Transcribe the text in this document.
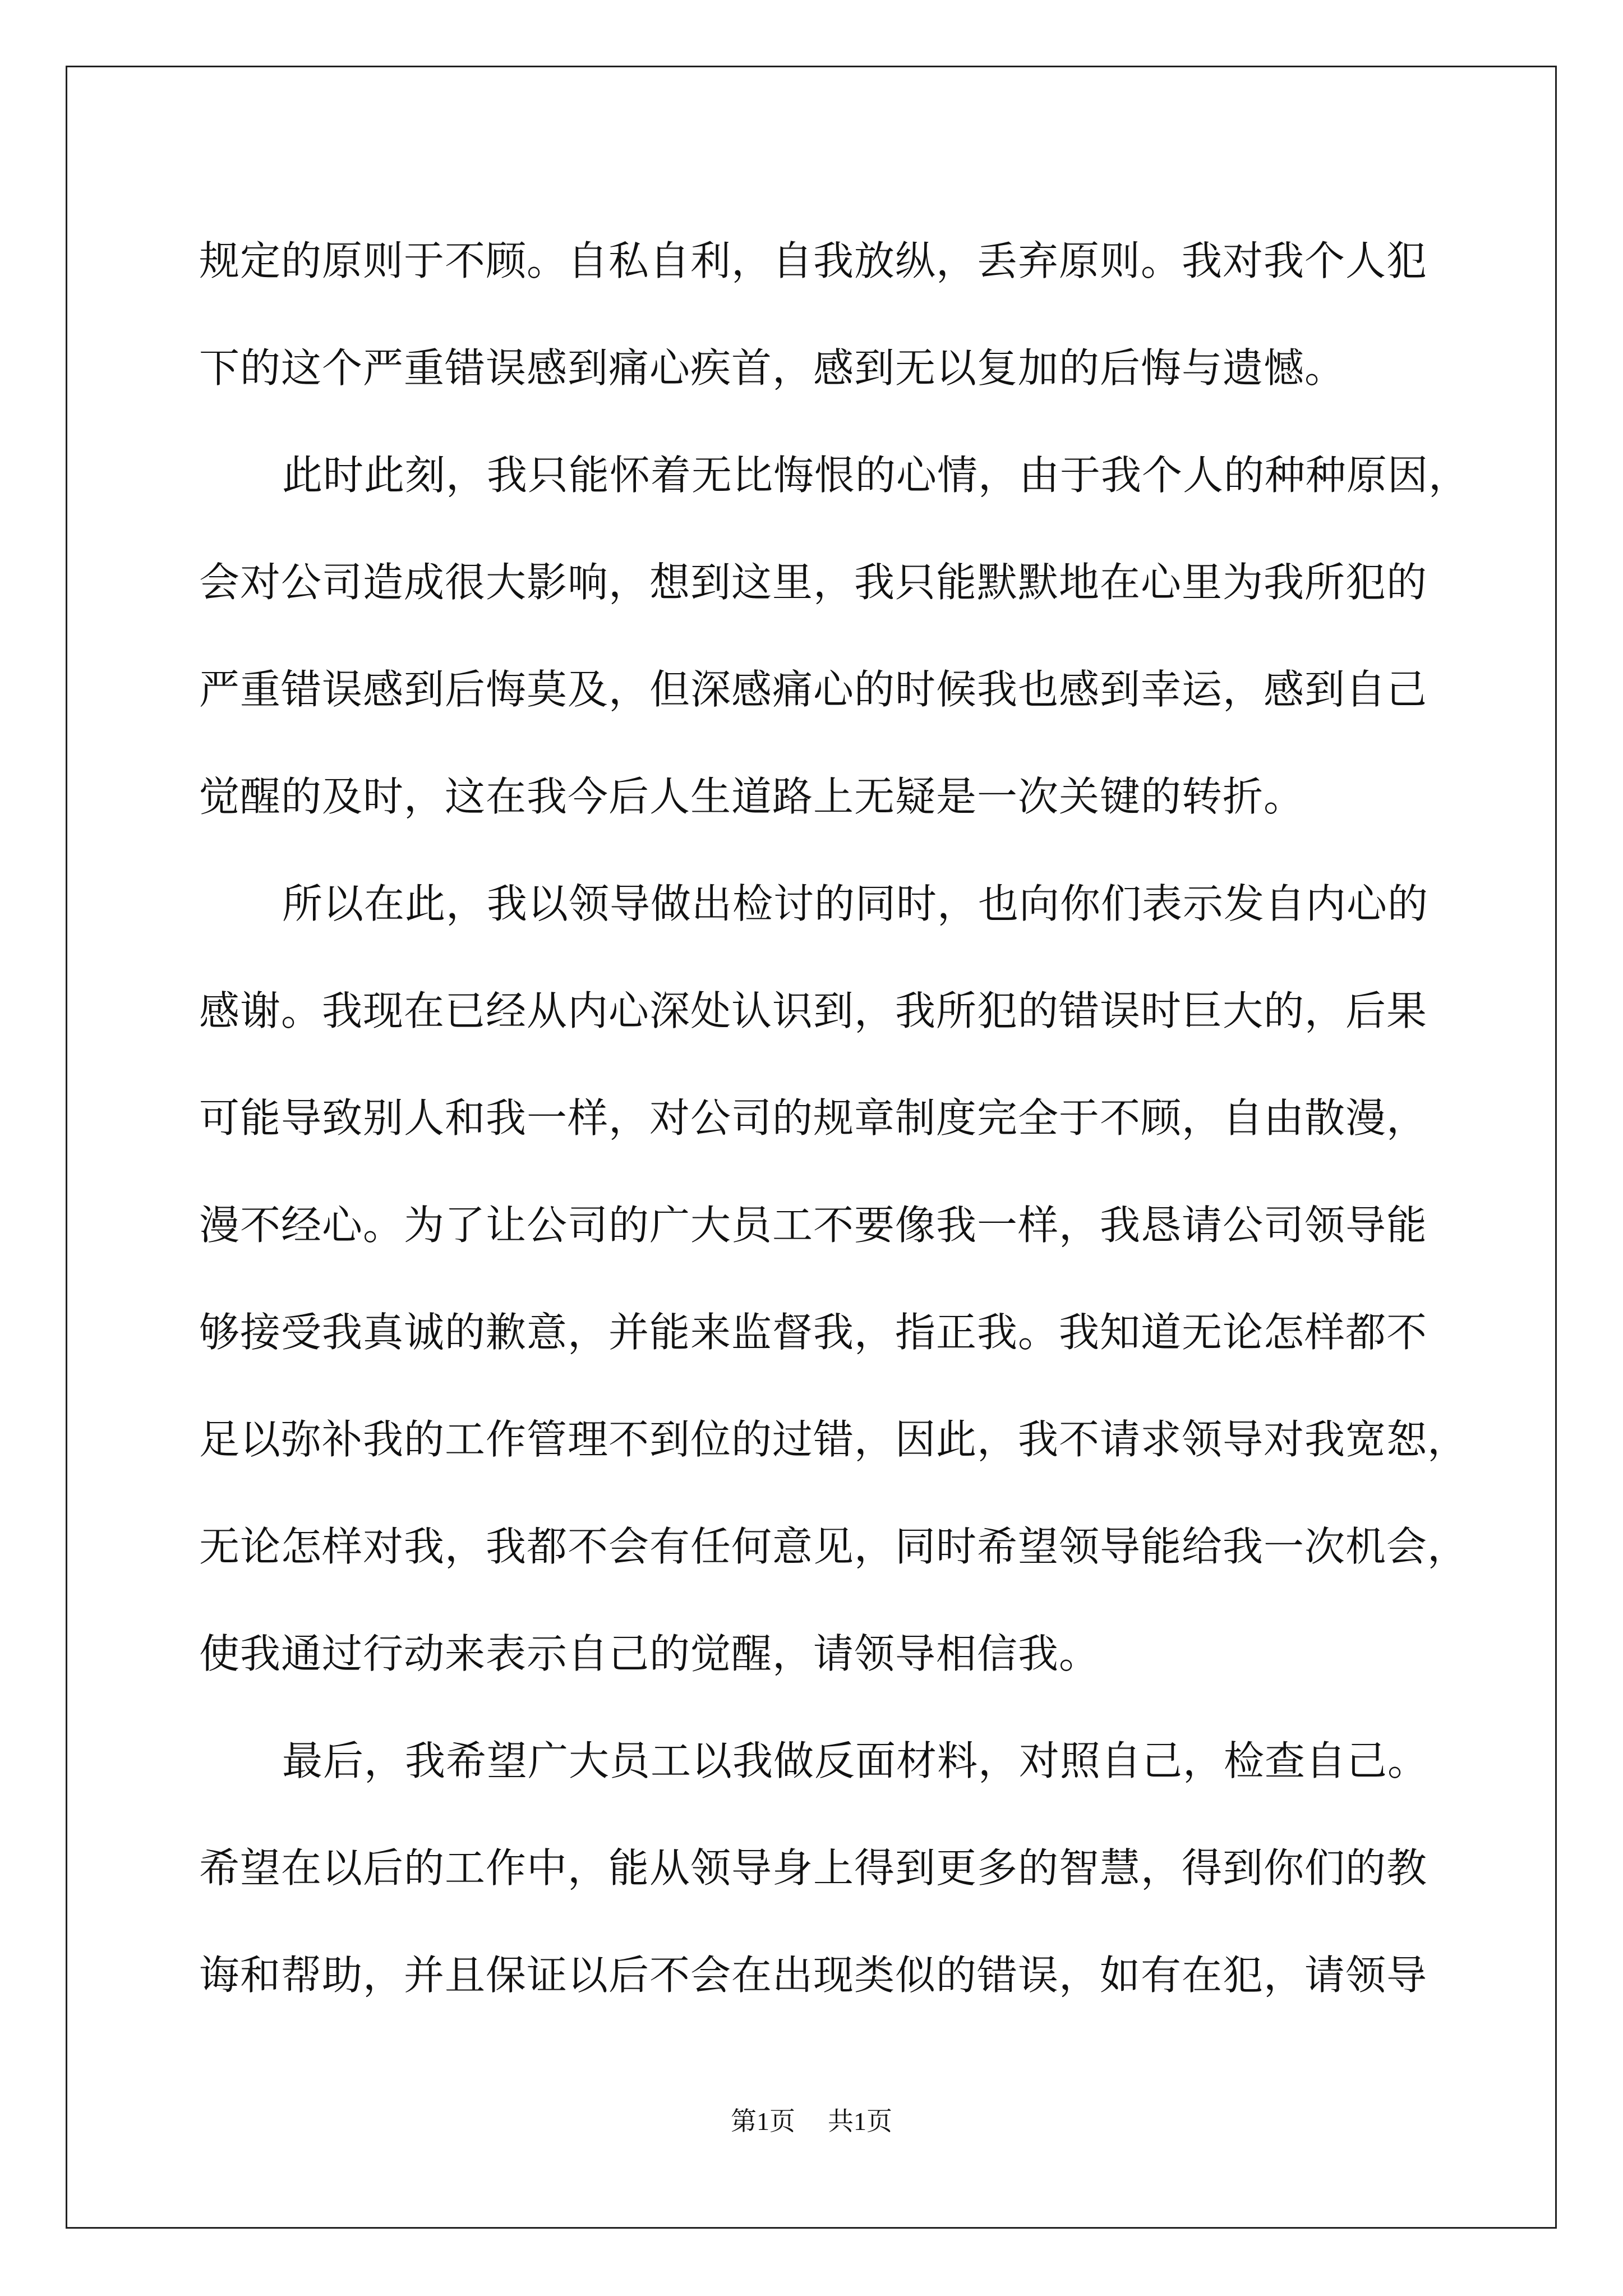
规定的原则于不顾。自私自利，自我放纵，丢弃原则。我对我个人犯
下的这个严重错误感到痛心疾首，感到无以复加的后悔与遗憾。
此时此刻，我只能怀着无比悔恨的心情，由于我个人的种种原因，
会对公司造成很大影响，想到这里，我只能默默地在心里为我所犯的
严重错误感到后悔莫及，但深感痛心的时候我也感到幸运，感到自己
觉醒的及时，这在我今后人生道路上无疑是一次关键的转折。
所以在此，我以领导做出检讨的同时，也向你们表示发自内心的
感谢。我现在已经从内心深处认识到，我所犯的错误时巨大的，后果
可能导致别人和我一样，对公司的规章制度完全于不顾，自由散漫，
漫不经心。为了让公司的广大员工不要像我一样，我恳请公司领导能
够接受我真诚的歉意，并能来监督我，指正我。我知道无论怎样都不
足以弥补我的工作管理不到位的过错，因此，我不请求领导对我宽恕，
无论怎样对我，我都不会有任何意见，同时希望领导能给我一次机会，
使我通过行动来表示自己的觉醒，请领导相信我。
最后，我希望广大员工以我做反面材料，对照自己，检查自己。
希望在以后的工作中，能从领导身上得到更多的智慧，得到你们的教
诲和帮助，并且保证以后不会在出现类似的错误，如有在犯，请领导
第1页 共1页
